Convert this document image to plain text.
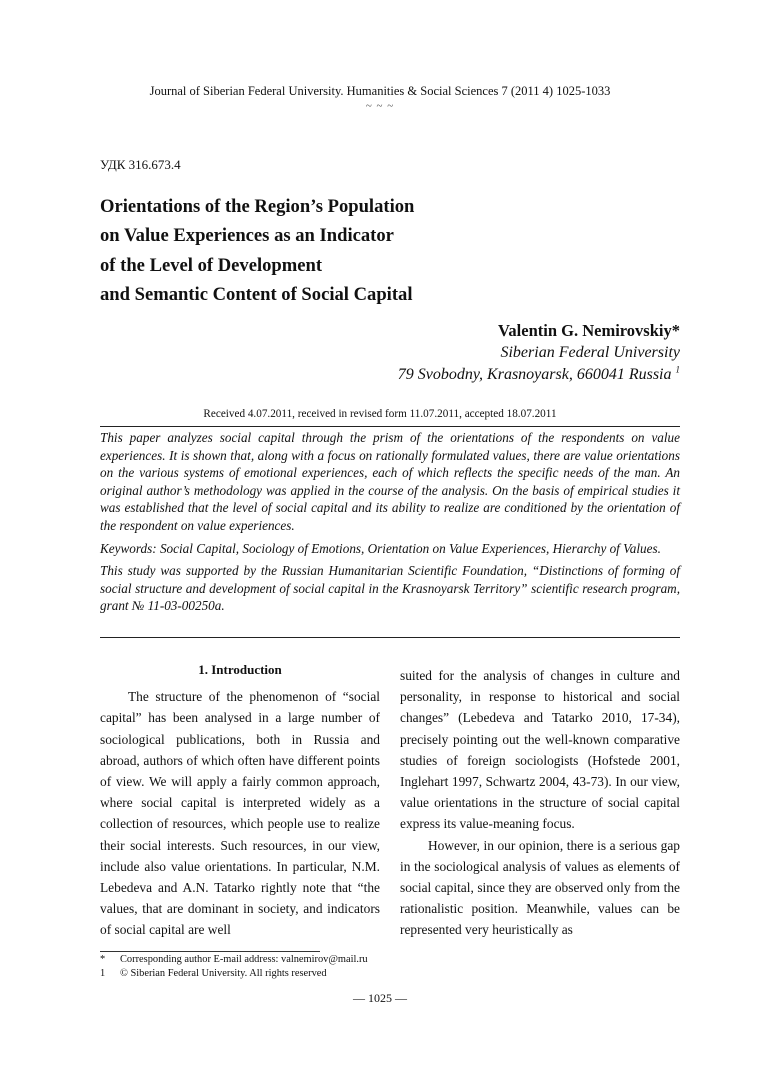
Journal of Siberian Federal University. Humanities & Social Sciences 7 (2011 4) 1025-1033
~ ~ ~
УДК 316.673.4
Orientations of the Region’s Population
on Value Experiences as an Indicator
of the Level of Development
and Semantic Content of Social Capital
Valentin G. Nemirovskiy*
Siberian Federal University
79 Svobodny, Krasnoyarsk, 660041 Russia $^1$
Received 4.07.2011, received in revised form 11.07.2011, accepted 18.07.2011

This paper analyzes social capital through the prism of the orientations of the respondents on value experiences. It is shown that, along with a focus on rationally formulated values, there are value orientations on the various systems of emotional experiences, each of which reflects the specific needs of the man. An original author’s methodology was applied in the course of the analysis. On the basis of empirical studies it was established that the level of social capital and its ability to realize are conditioned by the orientation of the respondent on value experiences.

Keywords: Social Capital, Sociology of Emotions, Orientation on Value Experiences, Hierarchy of Values.

This study was supported by the Russian Humanitarian Scientific Foundation, “Distinctions of forming of social structure and development of social capital in the Krasnoyarsk Territory” scientific research program, grant № 11-03-00250a.

1. Introduction

The structure of the phenomenon of “social capital” has been analysed in a large number of sociological publications, both in Russia and abroad, authors of which often have different points of view. We will apply a fairly common approach, where social capital is interpreted widely as a collection of resources, which people use to realize their social interests. Such resources, in our view, include also value orientations. In particular, N.M. Lebedeva and A.N. Tatarko rightly note that “the values, that are dominant in society, and indicators of social capital are well

suited for the analysis of changes in culture and personality, in response to historical and social changes” (Lebedeva and Tatarko 2010, 17-34), precisely pointing out the well-known comparative studies of foreign sociologists (Hofstede 2001, Inglehart 1997, Schwartz 2004, 43-73). In our view, value orientations in the structure of social capital express its value-meaning focus.

However, in our opinion, there is a serious gap in the sociological analysis of values as elements of social capital, since they are observed only from the rationalistic position. Meanwhile, values can be represented very heuristically as

*	Corresponding author E-mail address: valnemirov@mail.ru
1	© Siberian Federal University. All rights reserved
— 1025 —
